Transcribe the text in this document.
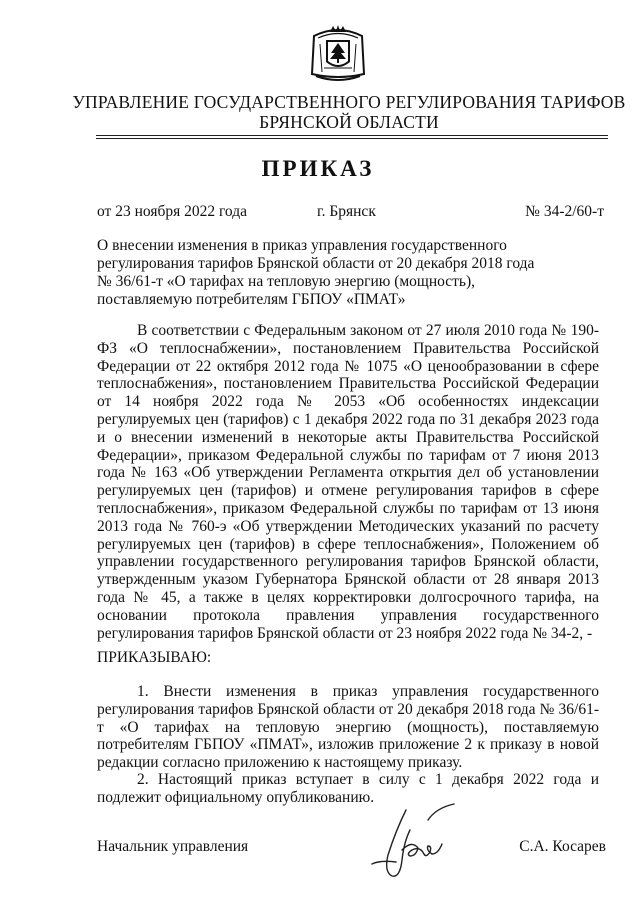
УПРАВЛЕНИЕ ГОСУДАРСТВЕННОГО РЕГУЛИРОВАНИЯ ТАРИФОВ
БРЯНСКОЙ ОБЛАСТИ
ПРИКАЗ
от 23 ноября 2022 года	г. Брянск	№ 34-2/60-т
О внесении изменения в приказ управления государственного
регулирования тарифов Брянской области от 20 декабря 2018 года
№ 36/61-т «О тарифах на тепловую энергию (мощность),
поставляемую потребителям ГБПОУ «ПМАТ»
В соответствии с Федеральным законом от 27 июля 2010 года № 190-ФЗ «О теплоснабжении», постановлением Правительства Российской Федерации от 22 октября 2012 года № 1075 «О ценообразовании в сфере теплоснабжения», постановлением Правительства Российской Федерации от 14 ноября 2022 года № 2053 «Об особенностях индексации регулируемых цен (тарифов) с 1 декабря 2022 года по 31 декабря 2023 года и о внесении изменений в некоторые акты Правительства Российской Федерации», приказом Федеральной службы по тарифам от 7 июня 2013 года № 163 «Об утверждении Регламента открытия дел об установлении регулируемых цен (тарифов) и отмене регулирования тарифов в сфере теплоснабжения», приказом Федеральной службы по тарифам от 13 июня 2013 года № 760-э «Об утверждении Методических указаний по расчету регулируемых цен (тарифов) в сфере теплоснабжения», Положением об управлении государственного регулирования тарифов Брянской области, утвержденным указом Губернатора Брянской области от 28 января 2013 года № 45, а также в целях корректировки долгосрочного тарифа, на основании протокола правления управления государственного регулирования тарифов Брянской области от 23 ноября 2022 года № 34-2, -
ПРИКАЗЫВАЮ:
1. Внести изменения в приказ управления государственного регулирования тарифов Брянской области от 20 декабря 2018 года № 36/61-т «О тарифах на тепловую энергию (мощность), поставляемую потребителям ГБПОУ «ПМАТ», изложив приложение 2 к приказу в новой редакции согласно приложению к настоящему приказу.
2. Настоящий приказ вступает в силу с 1 декабря 2022 года и подлежит официальному опубликованию.
Начальник управления	С.А. Косарев
